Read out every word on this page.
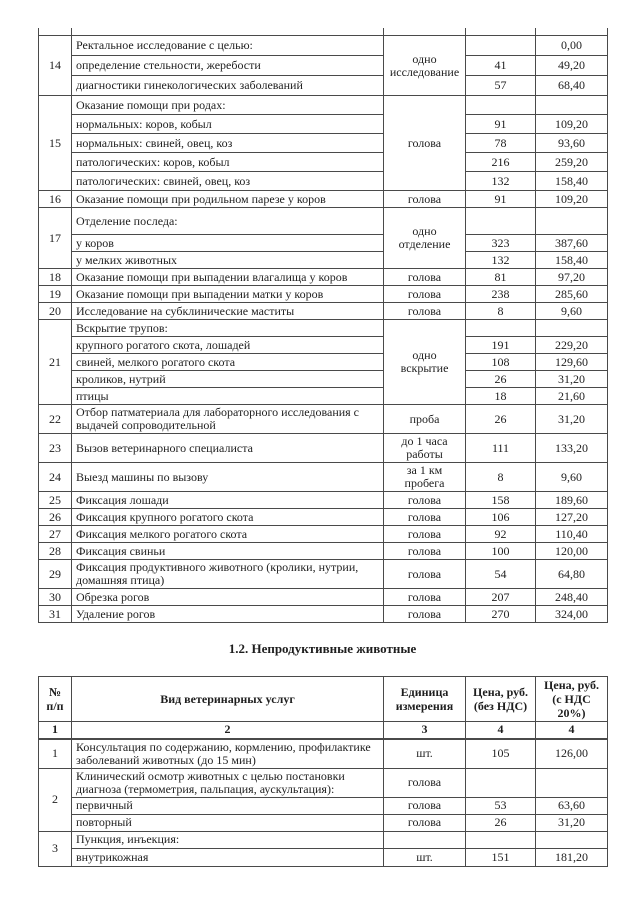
14	Ректальное исследование с целью:	одно исследование		0,00
	определение стельности, жеребости		41	49,20
	диагностики гинекологических заболеваний		57	68,40
15	Оказание помощи при родах:	голова		
	нормальных: коров, кобыл		91	109,20
	нормальных: свиней, овец, коз		78	93,60
	патологических: коров, кобыл		216	259,20
	патологических: свиней, овец, коз		132	158,40
16	Оказание помощи при родильном парезе у коров	голова	91	109,20
17	Отделение последа:	одно отделение		
	у коров		323	387,60
	у мелких животных		132	158,40
18	Оказание помощи при выпадении влагалища у коров	голова	81	97,20
19	Оказание помощи при выпадении матки у коров	голова	238	285,60
20	Исследование на субклинические маститы	голова	8	9,60
21	Вскрытие трупов:	одно вскрытие		
	крупного рогатого скота, лошадей		191	229,20
	свиней, мелкого рогатого скота		108	129,60
	кроликов, нутрий		26	31,20
	птицы		18	21,60
22	Отбор патматериала для лабораторного исследования с выдачей сопроводительной	проба	26	31,20
23	Вызов ветеринарного специалиста	до 1 часа работы	111	133,20
24	Выезд машины по вызову	за 1 км пробега	8	9,60
25	Фиксация лошади	голова	158	189,60
26	Фиксация крупного рогатого скота	голова	106	127,20
27	Фиксация мелкого рогатого скота	голова	92	110,40
28	Фиксация свиньи	голова	100	120,00
29	Фиксация продуктивного животного (кролики, нутрии, домашняя птица)	голова	54	64,80
30	Обрезка рогов	голова	207	248,40
31	Удаление рогов	голова	270	324,00
1.2. Непродуктивные животные
№ п/п	Вид ветеринарных услуг	Единица измерения	Цена, руб. (без НДС)	Цена, руб. (с НДС 20%)
1	2	3	4	4
1	Консультация по содержанию, кормлению, профилактике заболеваний животных (до 15 мин)	шт.	105	126,00
2	Клинический осмотр животных с целью постановки диагноза (термометрия, пальпация, аускультация):	голова		
	первичный	голова	53	63,60
	повторный	голова	26	31,20
3	Пункция, инъекция:			
	внутрикожная	шт.	151	181,20
